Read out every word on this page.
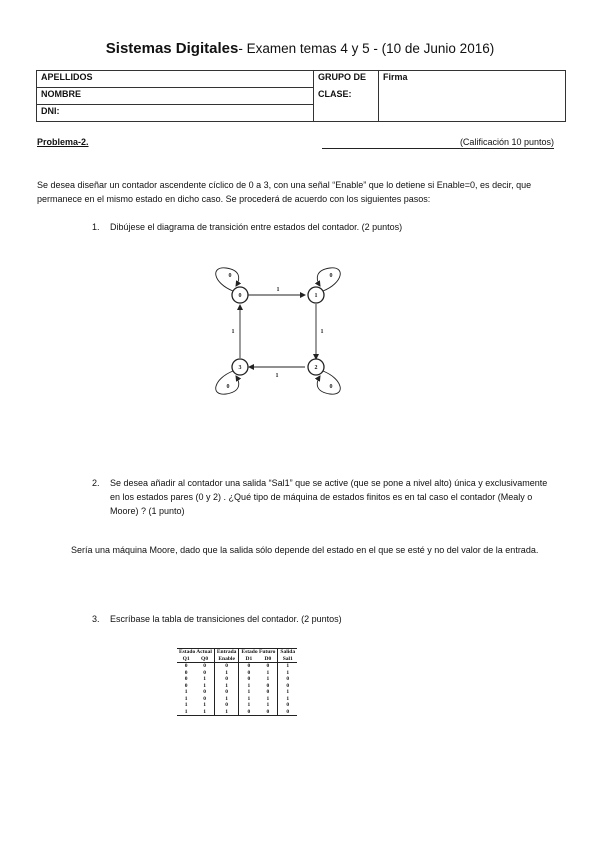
Sistemas Digitales- Examen temas 4 y 5 - (10 de Junio 2016)
APELLIDOS	GRUPO DE	Firma
NOMBRE	CLASE:	
DNI:		
Problema-2.	(Calificación 10 puntos)
Se desea diseñar un contador ascendente cíclico de 0 a 3, con una señal “Enable” que lo detiene si Enable=0, es decir, que permanece en el mismo estado en dicho caso. Se procederá de acuerdo con los siguientes pasos:
1. Dibújese el diagrama de transición entre estados del contador. (2 puntos)
0	1
2
3
0	0
0
0
1
1
1
1
2. Se desea añadir al contador una salida “Sal1” que se active (que se pone a nivel alto) única y exclusivamente en los estados pares (0 y 2) . ¿Qué tipo de máquina de estados finitos es en tal caso el contador (Mealy o Moore) ? (1 punto)
Sería una máquina Moore, dado que la salida sólo depende del estado en el que se esté y no del valor de la entrada.
3. Escríbase la tabla de transiciones del contador. (2 puntos)
Estado Actual		Entrada	Estado Futuro		Salida
Q1	Q0	Enable	D1	D0	Sal1
0	0	0	0	0	1
0	0	1	0	1	1
0	1	0	0	1	0
0	1	1	1	0	0
1	0	0	1	0	1
1	0	1	1	1	1
1	1	0	1	1	0
1	1	1	0	0	0
